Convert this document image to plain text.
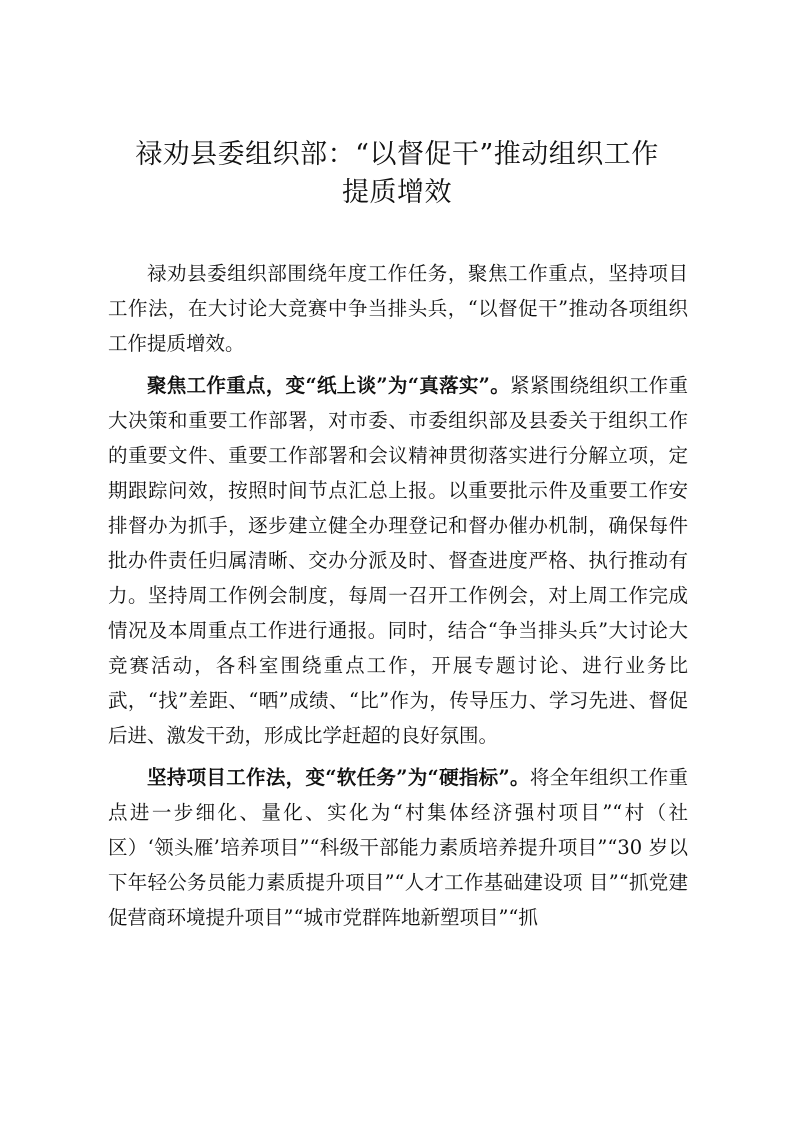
禄劝县委组织部：“以督促干”推动组织工作
提质增效

禄劝县委组织部围绕年度工作任务，聚焦工作重点，坚持项目工作法，在大讨论大竞赛中争当排头兵，“以督促干”推动各项组织工作提质增效。

聚焦工作重点，变“纸上谈”为“真落实”。紧紧围绕组织工作重大决策和重要工作部署，对市委、市委组织部及县委关于组织工作的重要文件、重要工作部署和会议精神贯彻落实进行分解立项，定期跟踪问效，按照时间节点汇总上报。以重要批示件及重要工作安排督办为抓手，逐步建立健全办理登记和督办催办机制，确保每件批办件责任归属清晰、交办分派及时、督查进度严格、执行推动有力。坚持周工作例会制度，每周一召开工作例会，对上周工作完成情况及本周重点工作进行通报。同时，结合“争当排头兵”大讨论大竞赛活动，各科室围绕重点工作，开展专题讨论、进行业务比武，“找”差距、“晒”成绩、“比”作为，传导压力、学习先进、督促后进、激发干劲，形成比学赶超的良好氛围。

坚持项目工作法，变“软任务”为“硬指标”。将全年组织工作重点进一步细化、量化、实化为“村集体经济强村项目”“村（社 区）‘领头雁’培养项目”“科级干部能力素质培养提升项目”“30 岁以下年轻公务员能力素质提升项目”“人才工作基础建设项 目”“抓党建促营商环境提升项目”“城市党群阵地新塑项目”“抓
